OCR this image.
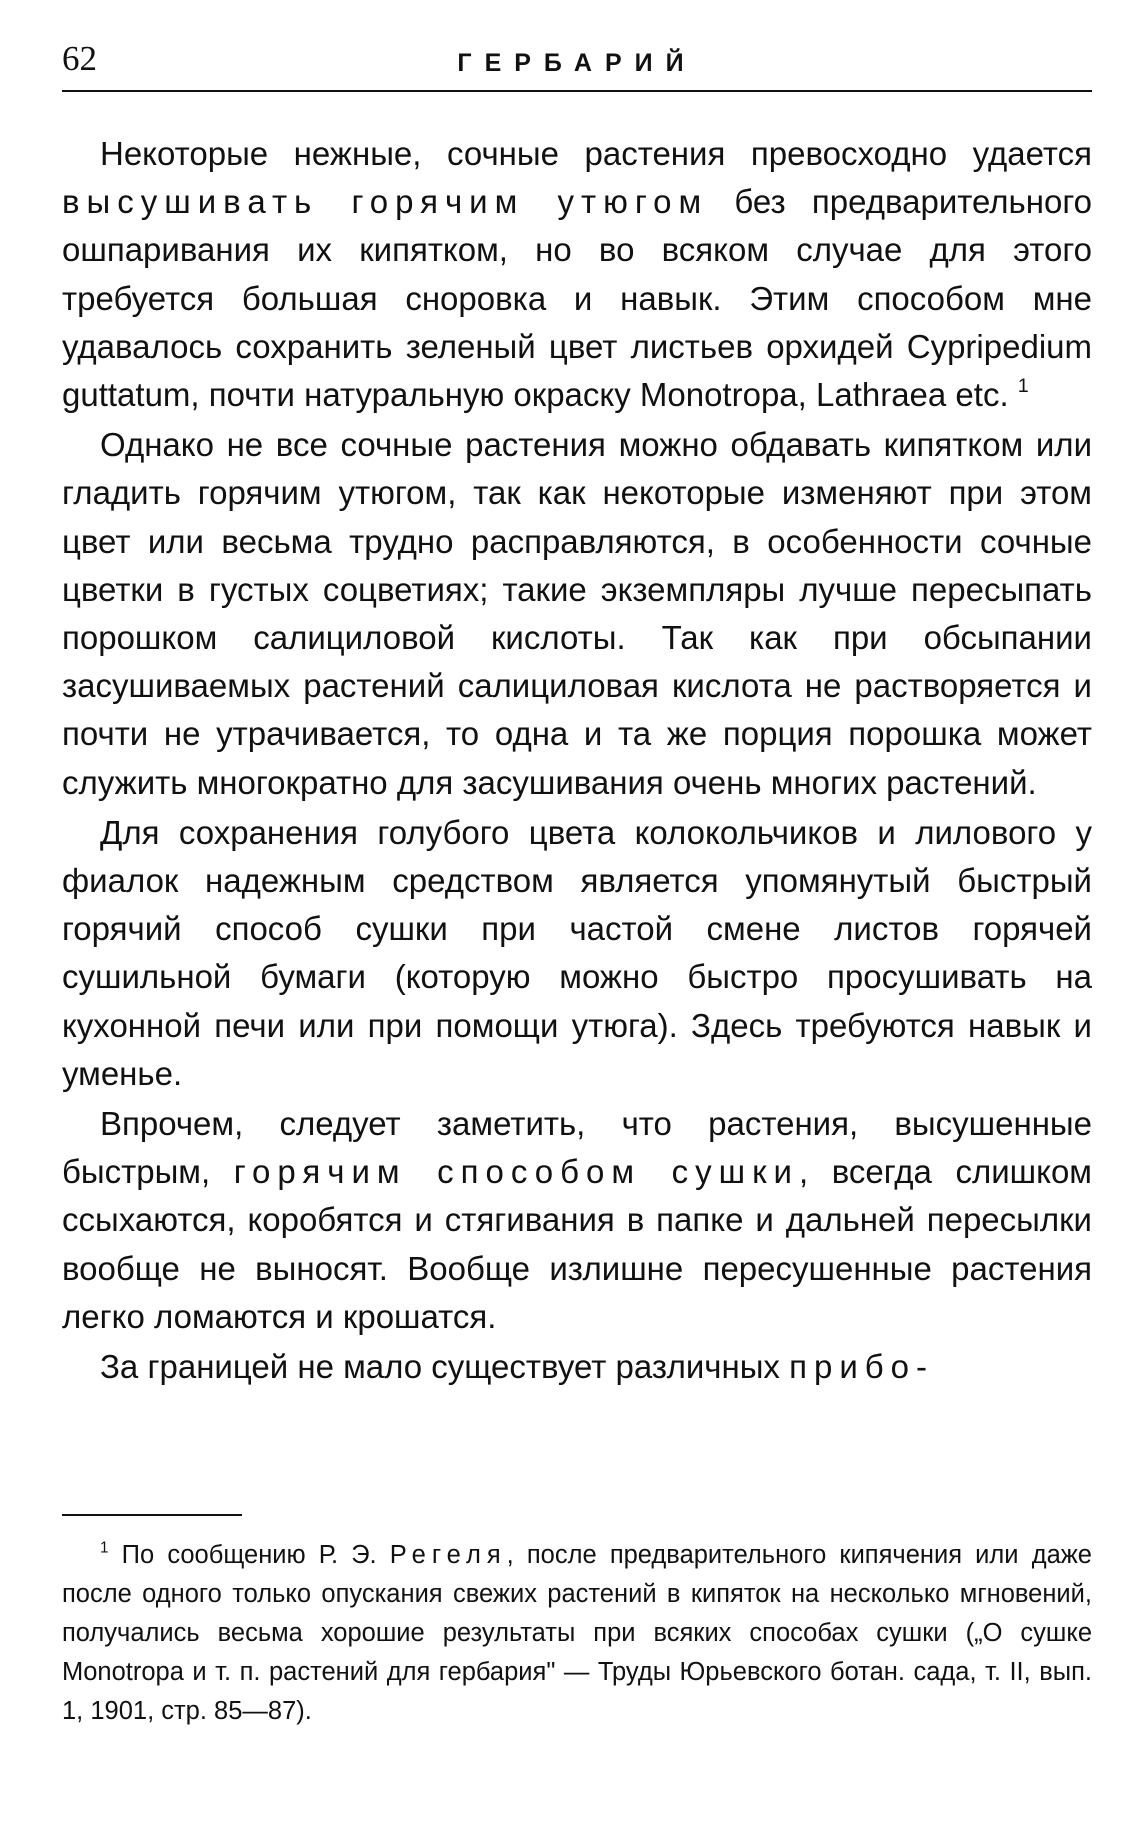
62	ГЕРБАРИЙ

Некоторые нежные, сочные растения превосходно удается высушивать горячим утюгом без предварительного ошпаривания их кипятком, но во всяком случае для этого требуется большая сноровка и навык. Этим способом мне удавалось сохранить зеленый цвет листьев орхидей Cypripedium guttatum, почти натуральную окраску Monotropa, Lathraea etc. $^1$

Однако не все сочные растения можно обдавать кипятком или гладить горячим утюгом, так как некоторые изменяют при этом цвет или весьма трудно расправляются, в особенности сочные цветки в густых соцветиях; такие экземпляры лучше пересыпать порошком салициловой кислоты. Так как при обсыпании засушиваемых растений салициловая кислота не растворяется и почти не утрачивается, то одна и та же порция порошка может служить многократно для засушивания очень многих растений.

Для сохранения голубого цвета колокольчиков и лилового у фиалок надежным средством является упомянутый быстрый горячий способ сушки при частой смене листов горячей сушильной бумаги (которую можно быстро просушивать на кухонной печи или при помощи утюга). Здесь требуются навык и уменье.

Впрочем, следует заметить, что растения, высушенные быстрым, горячим способом сушки, всегда слишком ссыхаются, коробятся и стягивания в папке и дальней пересылки вообще не выносят. Вообще излишне пересушенные растения легко ломаются и крошатся.

За границей не мало существует различных прибо-

$^1$ По сообщению Р. Э. Регеля, после предварительного кипячения или даже после одного только опускания свежих растений в кипяток на несколько мгновений, получались весьма хорошие результаты при всяких способах сушки („О сушке Monotropa и т. п. растений для гербария" — Труды Юрьевского ботан. сада, т. II, вып. 1, 1901, стр. 85—87).
